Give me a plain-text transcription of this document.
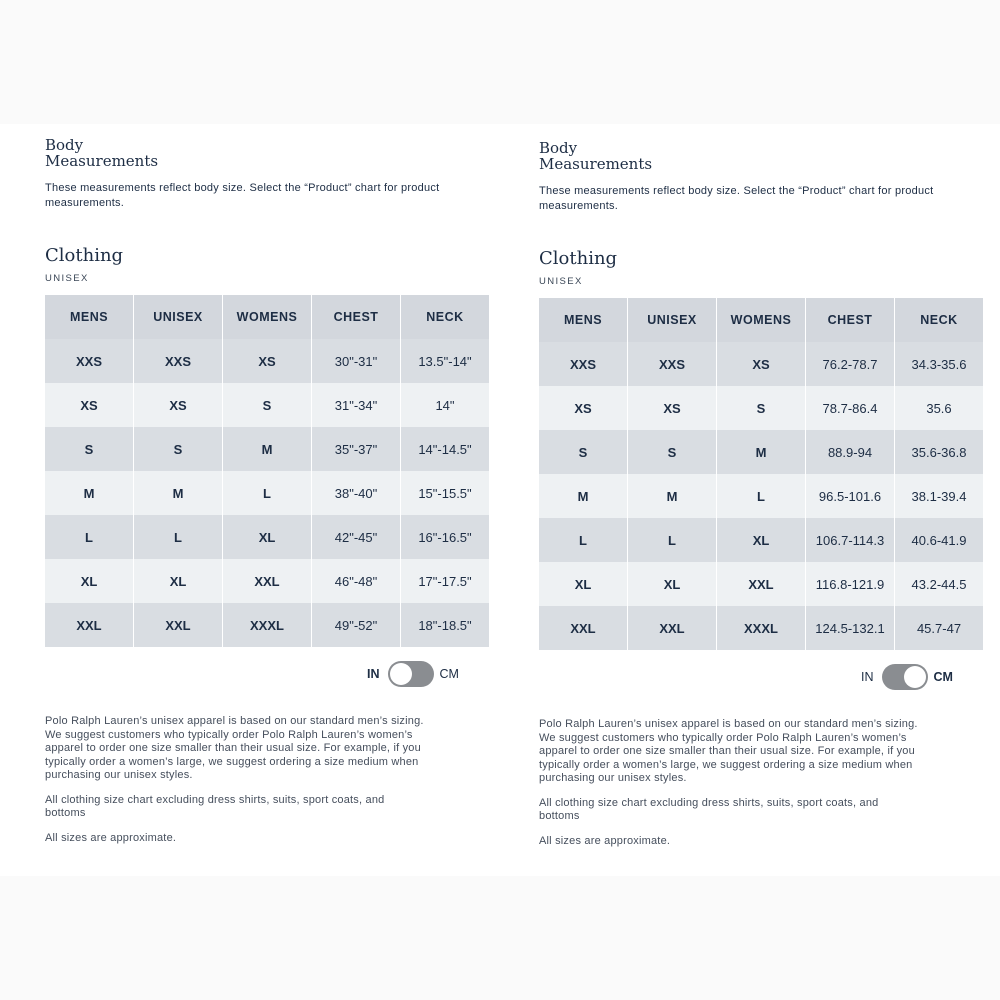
Body Measurements

These measurements reflect body size. Select the “Product” chart for product measurements.

Clothing

UNISEX

MENS	UNISEX	WOMENS	CHEST	NECK
XXS	XXS	XS	30"-31"	13.5"-14"
XS	XS	S	31"-34"	14"
S	S	M	35"-37"	14"-14.5"
M	M	L	38"-40"	15"-15.5"
L	L	XL	42"-45"	16"-16.5"
XL	XL	XXL	46"-48"	17"-17.5"
XXL	XXL	XXXL	49"-52"	18"-18.5"
IN	CM

Polo Ralph Lauren’s unisex apparel is based on our standard men’s sizing. We suggest customers who typically order Polo Ralph Lauren’s women’s apparel to order one size smaller than their usual size. For example, if you typically order a women’s large, we suggest ordering a size medium when purchasing our unisex styles.

All clothing size chart excluding dress shirts, suits, sport coats, and bottoms

All sizes are approximate.

Body Measurements

These measurements reflect body size. Select the “Product” chart for product measurements.

Clothing

UNISEX

MENS	UNISEX	WOMENS	CHEST	NECK
XXS	XXS	XS	76.2-78.7	34.3-35.6
XS	XS	S	78.7-86.4	35.6
S	S	M	88.9-94	35.6-36.8
M	M	L	96.5-101.6	38.1-39.4
L	L	XL	106.7-114.3	40.6-41.9
XL	XL	XXL	116.8-121.9	43.2-44.5
XXL	XXL	XXXL	124.5-132.1	45.7-47
IN	CM

Polo Ralph Lauren’s unisex apparel is based on our standard men’s sizing. We suggest customers who typically order Polo Ralph Lauren’s women’s apparel to order one size smaller than their usual size. For example, if you typically order a women’s large, we suggest ordering a size medium when purchasing our unisex styles.

All clothing size chart excluding dress shirts, suits, sport coats, and bottoms

All sizes are approximate.
